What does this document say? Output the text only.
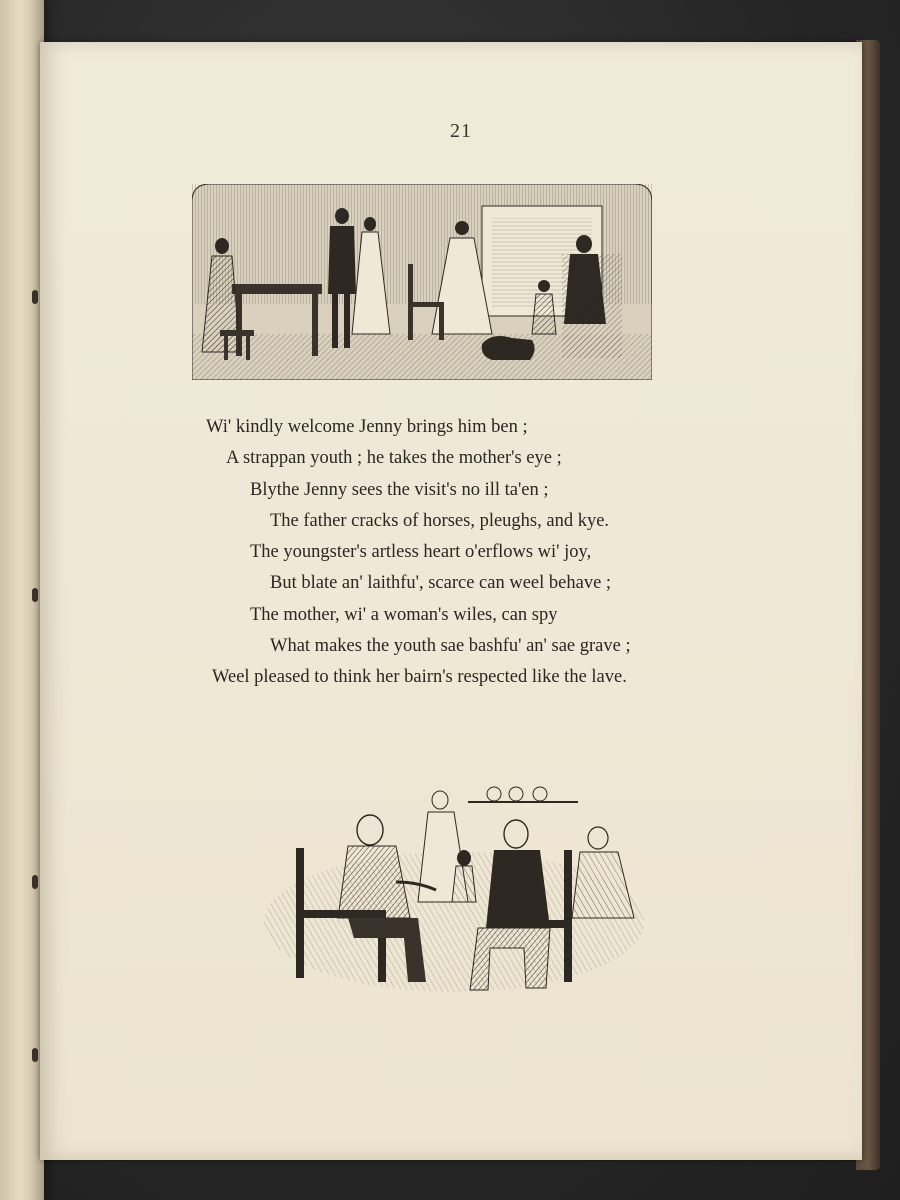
21
Wi' kindly welcome Jenny brings him ben ;
A strappan youth ; he takes the mother's eye ;
Blythe Jenny sees the visit's no ill ta'en ;
The father cracks of horses, pleughs, and kye.
The youngster's artless heart o'erflows wi' joy,
But blate an' laithfu', scarce can weel behave ;
The mother, wi' a woman's wiles, can spy
What makes the youth sae bashfu' an' sae grave ;
Weel pleased to think her bairn's respected like the lave.
